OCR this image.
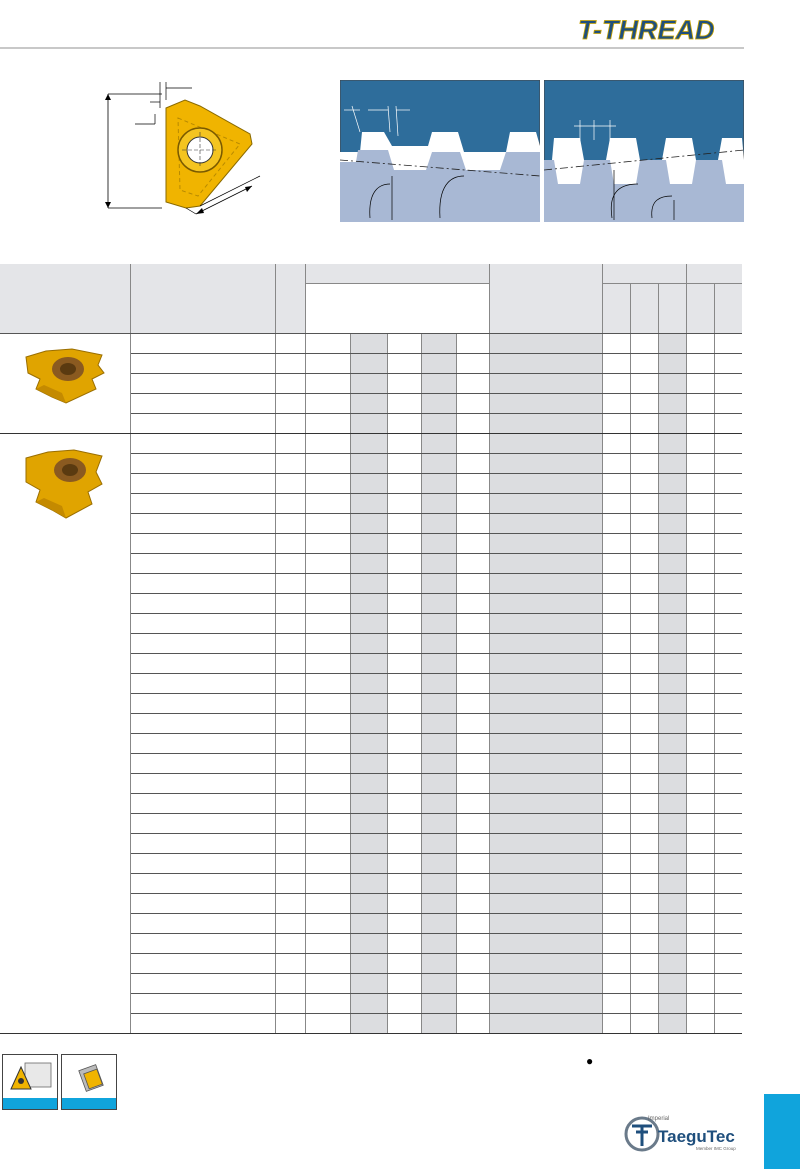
T-THREAD

●
Imperial
TaeguTec
Member IMC Group
